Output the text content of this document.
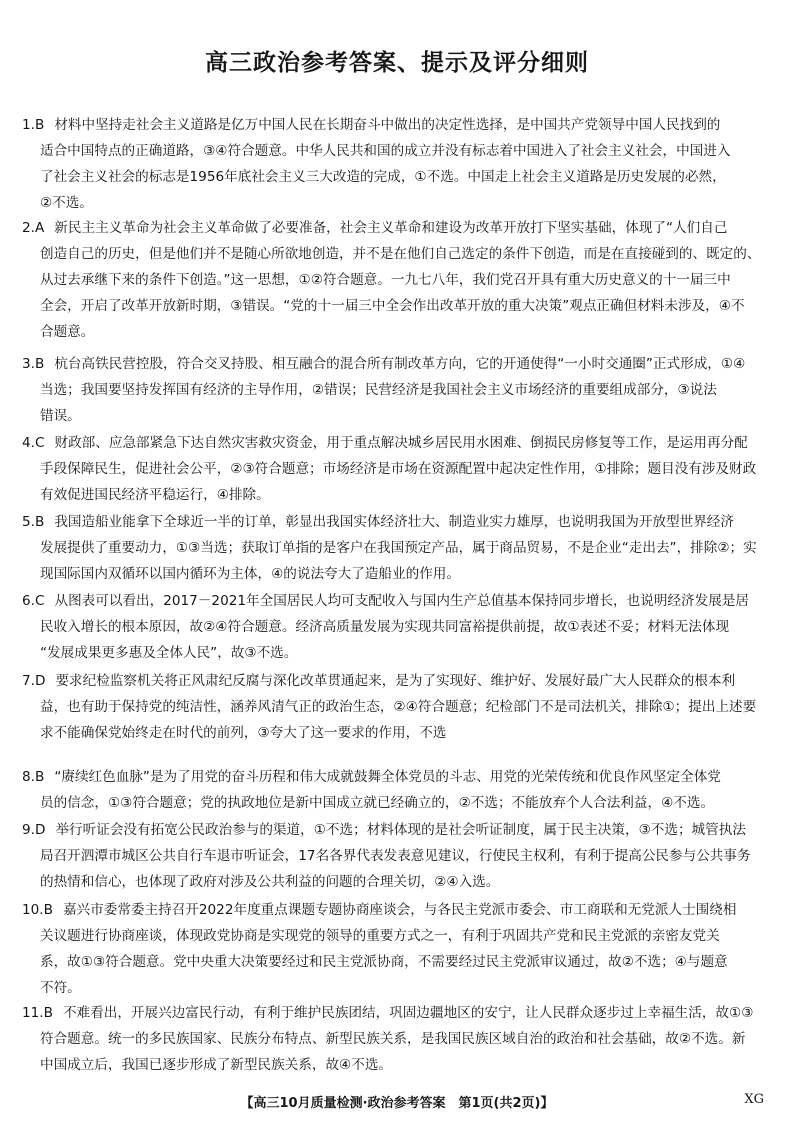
高三政治参考答案、提示及评分细则
1. B 材料中坚持走社会主义道路是亿万中国人民在长期奋斗中做出的决定性选择，是中国共产党领导中国人民找到的
适合中国特点的正确道路，③④符合题意。中华人民共和国的成立并没有标志着中国进入了社会主义社会，中国进入
了社会主义社会的标志是1956年底社会主义三大改造的完成，①不选。中国走上社会主义道路是历史发展的必然，
②不选。
2. A 新民主主义革命为社会主义革命做了必要准备，社会主义革命和建设为改革开放打下坚实基础，体现了“人们自己
创造自己的历史，但是他们并不是随心所欲地创造，并不是在他们自己选定的条件下创造，而是在直接碰到的、既定的、
从过去承继下来的条件下创造。”这一思想，①②符合题意。一九七八年，我们党召开具有重大历史意义的十一届三中
全会，开启了改革开放新时期，③错误。“党的十一届三中全会作出改革开放的重大决策”观点正确但材料未涉及，④不
合题意。
3. B 杭台高铁民营控股，符合交叉持股、相互融合的混合所有制改革方向，它的开通使得“一小时交通圈”正式形成，①④
当选；我国要坚持发挥国有经济的主导作用，②错误；民营经济是我国社会主义市场经济的重要组成部分，③说法
错误。
4. C 财政部、应急部紧急下达自然灾害救灾资金，用于重点解决城乡居民用水困难、倒损民房修复等工作，是运用再分配
手段保障民生，促进社会公平，②③符合题意；市场经济是市场在资源配置中起决定性作用，①排除；题目没有涉及财政
有效促进国民经济平稳运行，④排除。
5. B 我国造船业能拿下全球近一半的订单，彰显出我国实体经济壮大、制造业实力雄厚，也说明我国为开放型世界经济
发展提供了重要动力，①③当选；获取订单指的是客户在我国预定产品，属于商品贸易，不是企业“走出去”，排除②；实
现国际国内双循环以国内循环为主体，④的说法夸大了造船业的作用。
6. C 从图表可以看出，2017－2021年全国居民人均可支配收入与国内生产总值基本保持同步增长，也说明经济发展是居
民收入增长的根本原因，故②④符合题意。经济高质量发展为实现共同富裕提供前提，故①表述不妥；材料无法体现
“发展成果更多惠及全体人民”，故③不选。
7. D 要求纪检监察机关将正风肃纪反腐与深化改革贯通起来，是为了实现好、维护好、发展好最广大人民群众的根本利
益，也有助于保持党的纯洁性，涵养风清气正的政治生态，②④符合题意；纪检部门不是司法机关，排除①；提出上述要
求不能确保党始终走在时代的前列，③夸大了这一要求的作用，不选
8. B “赓续红色血脉”是为了用党的奋斗历程和伟大成就鼓舞全体党员的斗志、用党的光荣传统和优良作风坚定全体党
员的信念，①③符合题意；党的执政地位是新中国成立就已经确立的，②不选；不能放弃个人合法利益，④不选。
9. D 举行听证会没有拓宽公民政治参与的渠道，①不选；材料体现的是社会听证制度，属于民主决策，③不选；城管执法
局召开泗潭市城区公共自行车退市听证会，17名各界代表发表意见建议，行使民主权利，有利于提高公民参与公共事务
的热情和信心，也体现了政府对涉及公共利益的问题的合理关切，②④入选。
10. B 嘉兴市委常委主持召开2022年度重点课题专题协商座谈会，与各民主党派市委会、市工商联和无党派人士围绕相
关议题进行协商座谈，体现政党协商是实现党的领导的重要方式之一，有利于巩固共产党和民主党派的亲密友党关
系，故①③符合题意。党中央重大决策要经过和民主党派协商，不需要经过民主党派审议通过，故②不选；④与题意
不符。
11. B 不难看出，开展兴边富民行动，有利于维护民族团结，巩固边疆地区的安宁，让人民群众逐步过上幸福生活，故①③
符合题意。统一的多民族国家、民族分布特点、新型民族关系，是我国民族区域自治的政治和社会基础，故②不选。新
中国成立后，我国已逐步形成了新型民族关系，故④不选。
【高三10月质量检测·政治参考答案　第1页(共2页)】	XG
